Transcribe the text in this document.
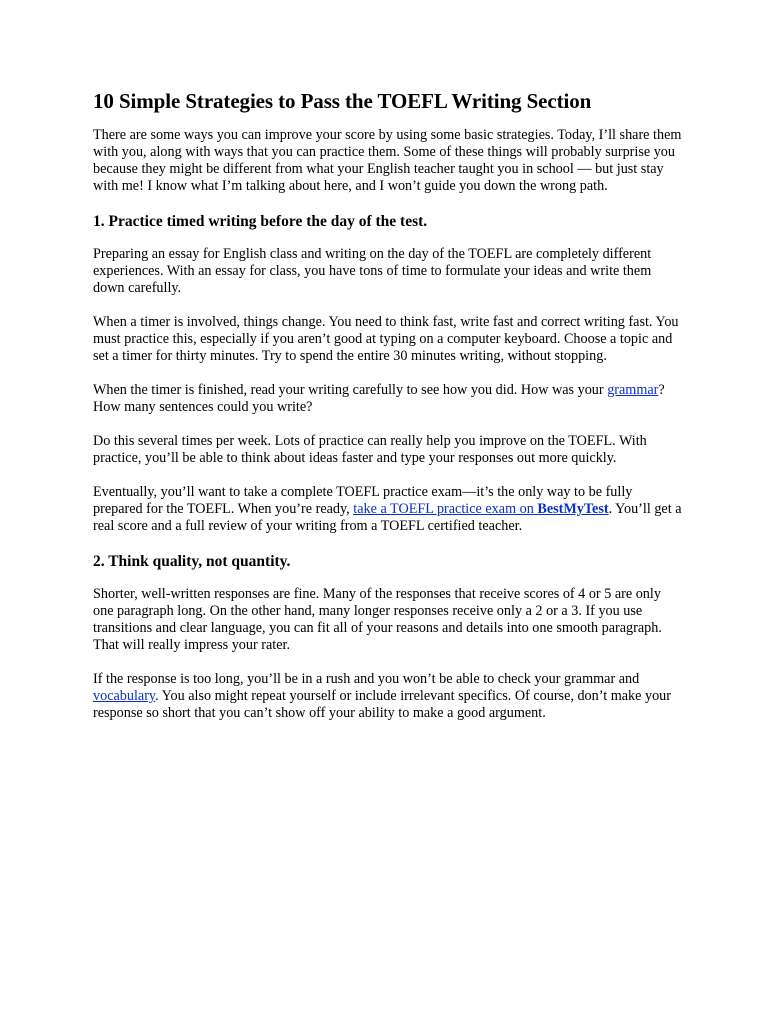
10 Simple Strategies to Pass the TOEFL Writing Section

There are some ways you can improve your score by using some basic strategies. Today, I’ll share them with you, along with ways that you can practice them. Some of these things will probably surprise you because they might be different from what your English teacher taught you in school — but just stay with me! I know what I’m talking about here, and I won’t guide you down the wrong path.

1. Practice timed writing before the day of the test.

Preparing an essay for English class and writing on the day of the TOEFL are completely different experiences. With an essay for class, you have tons of time to formulate your ideas and write them down carefully.

When a timer is involved, things change. You need to think fast, write fast and correct writing fast. You must practice this, especially if you aren’t good at typing on a computer keyboard. Choose a topic and set a timer for thirty minutes. Try to spend the entire 30 minutes writing, without stopping.

When the timer is finished, read your writing carefully to see how you did. How was your grammar? How many sentences could you write?

Do this several times per week. Lots of practice can really help you improve on the TOEFL. With practice, you’ll be able to think about ideas faster and type your responses out more quickly.

Eventually, you’ll want to take a complete TOEFL practice exam—it’s the only way to be fully prepared for the TOEFL. When you’re ready, take a TOEFL practice exam on BestMyTest. You’ll get a real score and a full review of your writing from a TOEFL certified teacher.

2. Think quality, not quantity.

Shorter, well-written responses are fine. Many of the responses that receive scores of 4 or 5 are only one paragraph long. On the other hand, many longer responses receive only a 2 or a 3. If you use transitions and clear language, you can fit all of your reasons and details into one smooth paragraph. That will really impress your rater.

If the response is too long, you’ll be in a rush and you won’t be able to check your grammar and vocabulary. You also might repeat yourself or include irrelevant specifics. Of course, don’t make your response so short that you can’t show off your ability to make a good argument.
